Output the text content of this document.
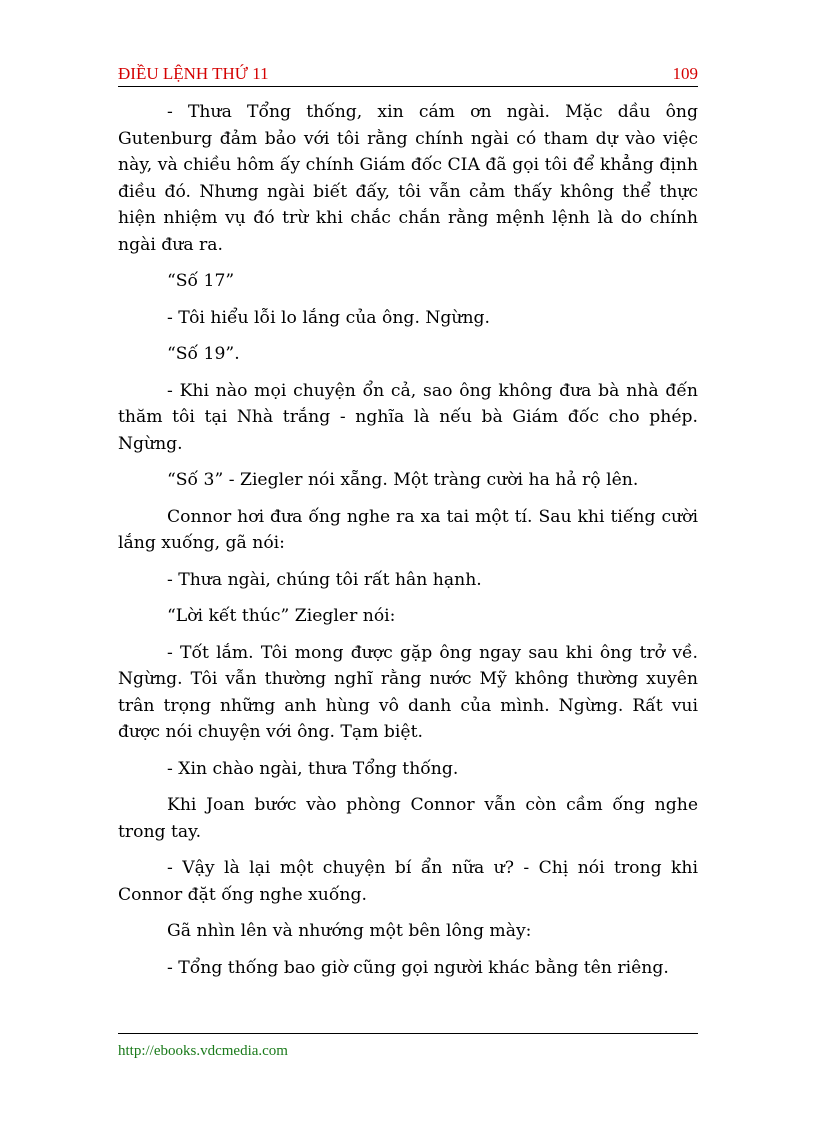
ĐIỀU LỆNH THỨ 11	109

- Thưa Tổng thống, xin cám ơn ngài. Mặc dầu ông Gutenburg đảm bảo với tôi rằng chính ngài có tham dự vào việc này, và chiều hôm ấy chính Giám đốc CIA đã gọi tôi để khẳng định điều đó. Nhưng ngài biết đấy, tôi vẫn cảm thấy không thể thực hiện nhiệm vụ đó trừ khi chắc chắn rằng mệnh lệnh là do chính ngài đưa ra.

“Số 17”

- Tôi hiểu lỗi lo lắng của ông. Ngừng.

“Số 19”.

- Khi nào mọi chuyện ổn cả, sao ông không đưa bà nhà đến thăm tôi tại Nhà trắng - nghĩa là nếu bà Giám đốc cho phép. Ngừng.

“Số 3” - Ziegler nói xẵng. Một tràng cười ha hả rộ lên.

Connor hơi đưa ống nghe ra xa tai một tí. Sau khi tiếng cười lắng xuống, gã nói:

- Thưa ngài, chúng tôi rất hân hạnh.

“Lời kết thúc” Ziegler nói:

- Tốt lắm. Tôi mong được gặp ông ngay sau khi ông trở về. Ngừng. Tôi vẫn thường nghĩ rằng nước Mỹ không thường xuyên trân trọng những anh hùng vô danh của mình. Ngừng. Rất vui được nói chuyện với ông. Tạm biệt.

- Xin chào ngài, thưa Tổng thống.

Khi Joan bước vào phòng Connor vẫn còn cầm ống nghe trong tay.

- Vậy là lại một chuyện bí ẩn nữa ư? - Chị nói trong khi Connor đặt ống nghe xuống.

Gã nhìn lên và nhướng một bên lông mày:

- Tổng thống bao giờ cũng gọi người khác bằng tên riêng.

http://ebooks.vdcmedia.com
